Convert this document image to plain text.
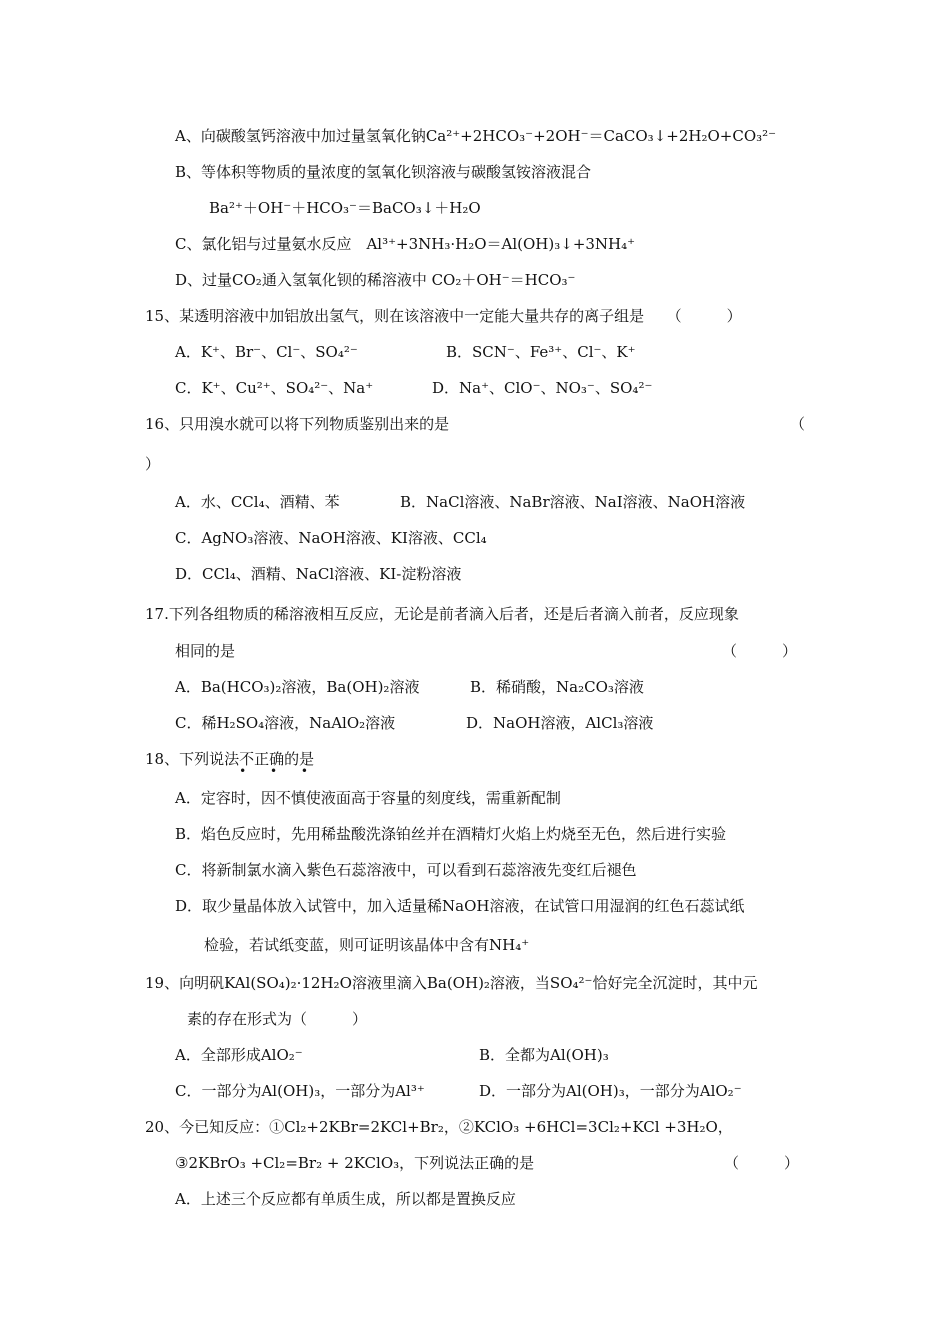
A、向碳酸氢钙溶液中加过量氢氧化钠Ca²⁺+2HCO₃⁻+2OH⁻＝CaCO₃↓+2H₂O+CO₃²⁻
B、等体积等物质的量浓度的氢氧化钡溶液与碳酸氢铵溶液混合
Ba²⁺＋OH⁻＋HCO₃⁻＝BaCO₃↓＋H₂O
C、氯化铝与过量氨水反应　Al³⁺+3NH₃·H₂O＝Al(OH)₃↓+3NH₄⁺
D、过量CO₂通入氢氧化钡的稀溶液中 CO₂＋OH⁻＝HCO₃⁻
15、某透明溶液中加铝放出氢气，则在该溶液中一定能大量共存的离子组是　　（　　　）
A．K⁺、Br⁻、Cl⁻、SO₄²⁻	B．SCN⁻、Fe³⁺、Cl⁻、K⁺
C．K⁺、Cu²⁺、SO₄²⁻、Na⁺	D．Na⁺、ClO⁻、NO₃⁻、SO₄²⁻
16、只用溴水就可以将下列物质鉴别出来的是	（
）
A．水、CCl₄、酒精、苯	B．NaCl溶液、NaBr溶液、NaI溶液、NaOH溶液
C．AgNO₃溶液、NaOH溶液、KI溶液、CCl₄
D．CCl₄、酒精、NaCl溶液、KI-淀粉溶液
17.下列各组物质的稀溶液相互反应，无论是前者滴入后者，还是后者滴入前者，反应现象
相同的是	（　　　）
A．Ba(HCO₃)₂溶液，Ba(OH)₂溶液	B．稀硝酸，Na₂CO₃溶液
C．稀H₂SO₄溶液，NaAlO₂溶液	D．NaOH溶液，AlCl₃溶液
18、下列说法不正确
• • •
的是
A．定容时，因不慎使液面高于容量的刻度线，需重新配制
B．焰色反应时，先用稀盐酸洗涤铂丝并在酒精灯火焰上灼烧至无色，然后进行实验
C．将新制氯水滴入紫色石蕊溶液中，可以看到石蕊溶液先变红后褪色
D．取少量晶体放入试管中，加入适量稀NaOH溶液，在试管口用湿润的红色石蕊试纸
检验，若试纸变蓝，则可证明该晶体中含有NH₄⁺
19、向明矾KAl(SO₄)₂·12H₂O溶液里滴入Ba(OH)₂溶液，当SO₄²⁻恰好完全沉淀时，其中元
素的存在形式为（　　　）
A．全部形成AlO₂⁻	B．全都为Al(OH)₃
C．一部分为Al(OH)₃，一部分为Al³⁺	D．一部分为Al(OH)₃，一部分为AlO₂⁻
20、今已知反应：①Cl₂+2KBr=2KCl+Br₂，②KClO₃ +6HCl=3Cl₂+KCl +3H₂O，
③2KBrO₃ +Cl₂=Br₂ + 2KClO₃，下列说法正确的是	（　　　）
A．上述三个反应都有单质生成，所以都是置换反应
